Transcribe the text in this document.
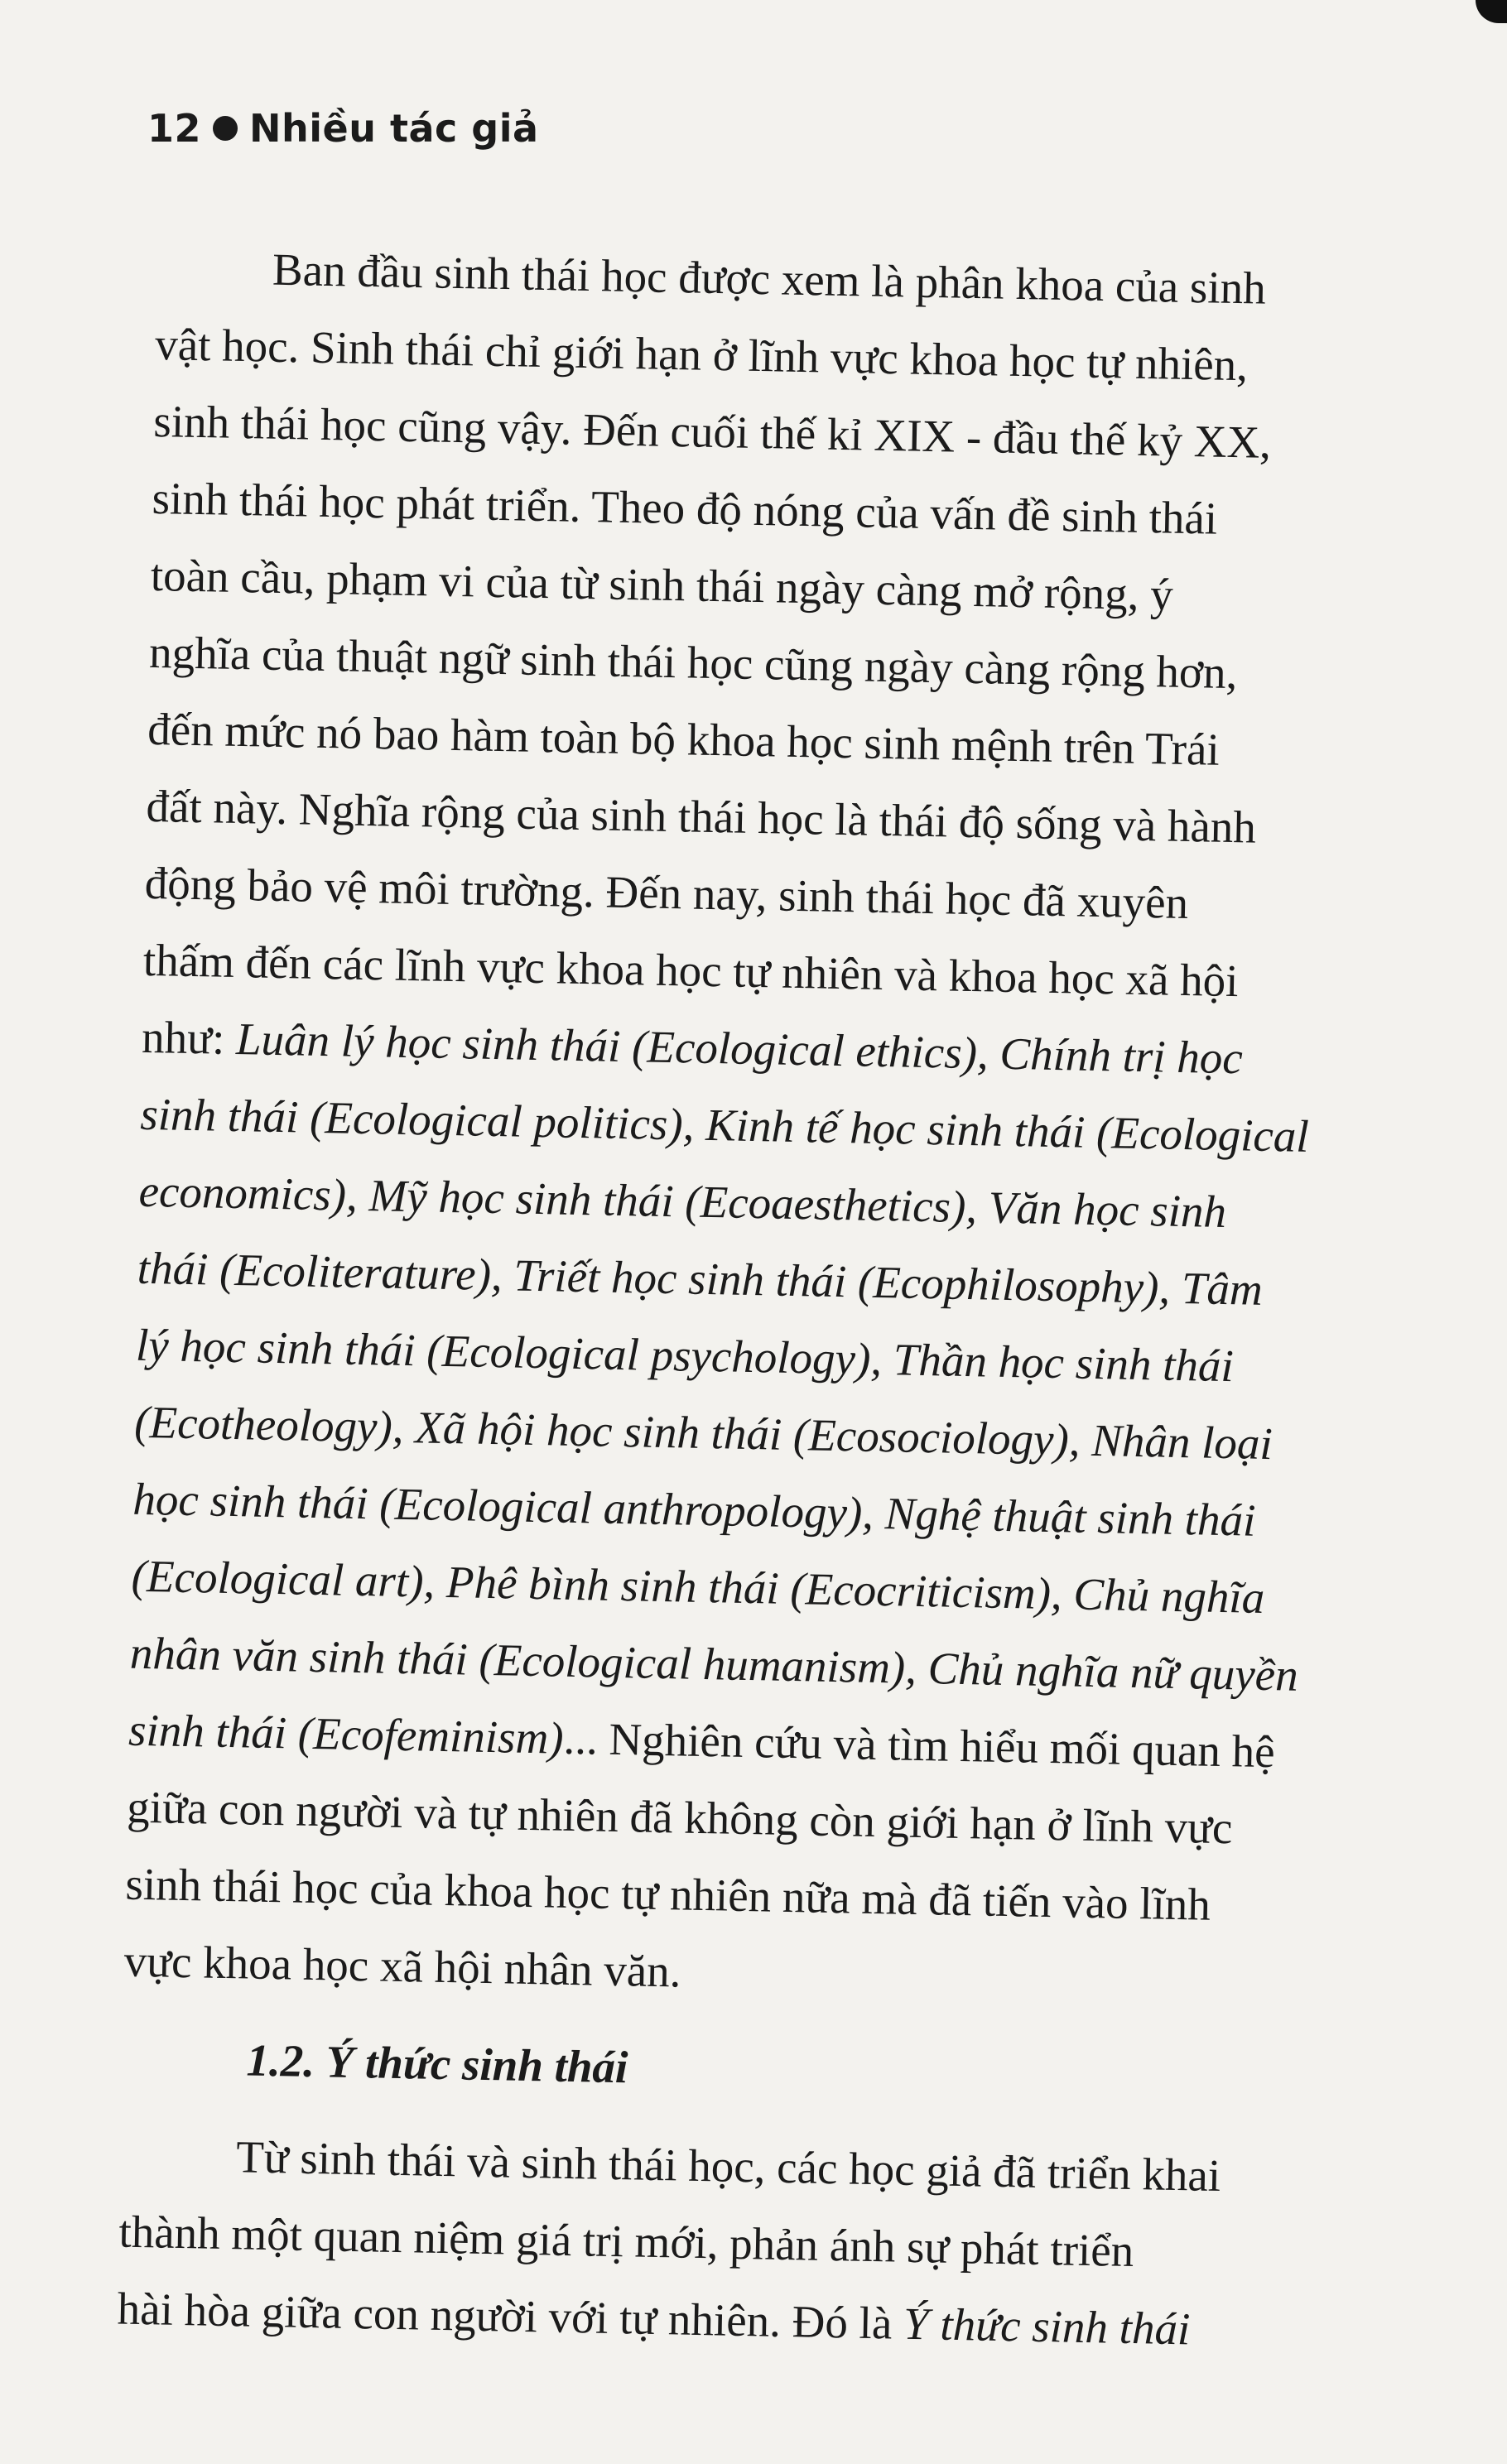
12 Nhiều tác giả
Ban đầu sinh thái học được xem là phân khoa của sinh
vật học. Sinh thái chỉ giới hạn ở lĩnh vực khoa học tự nhiên,
sinh thái học cũng vậy. Đến cuối thế kỉ XIX - đầu thế kỷ XX,
sinh thái học phát triển. Theo độ nóng của vấn đề sinh thái
toàn cầu, phạm vi của từ sinh thái ngày càng mở rộng, ý
nghĩa của thuật ngữ sinh thái học cũng ngày càng rộng hơn,
đến mức nó bao hàm toàn bộ khoa học sinh mệnh trên Trái
đất này. Nghĩa rộng của sinh thái học là thái độ sống và hành
động bảo vệ môi trường. Đến nay, sinh thái học đã xuyên
thấm đến các lĩnh vực khoa học tự nhiên và khoa học xã hội
như: Luân lý học sinh thái (Ecological ethics), Chính trị học
sinh thái (Ecological politics), Kinh tế học sinh thái (Ecological
economics), Mỹ học sinh thái (Ecoaesthetics), Văn học sinh
thái (Ecoliterature), Triết học sinh thái (Ecophilosophy), Tâm
lý học sinh thái (Ecological psychology), Thần học sinh thái
(Ecotheology), Xã hội học sinh thái (Ecosociology), Nhân loại
học sinh thái (Ecological anthropology), Nghệ thuật sinh thái
(Ecological art), Phê bình sinh thái (Ecocriticism), Chủ nghĩa
nhân văn sinh thái (Ecological humanism), Chủ nghĩa nữ quyền
sinh thái (Ecofeminism)... Nghiên cứu và tìm hiểu mối quan hệ
giữa con người và tự nhiên đã không còn giới hạn ở lĩnh vực
sinh thái học của khoa học tự nhiên nữa mà đã tiến vào lĩnh
vực khoa học xã hội nhân văn.
1.2. Ý thức sinh thái
Từ sinh thái và sinh thái học, các học giả đã triển khai
thành một quan niệm giá trị mới, phản ánh sự phát triển
hài hòa giữa con người với tự nhiên. Đó là Ý thức sinh thái
